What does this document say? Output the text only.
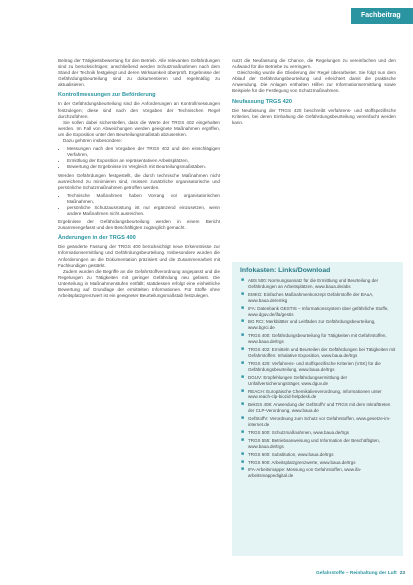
Fachbeitrag

Beitrag der Tätigkeitsbewertung für den Betrieb. Alle relevanten Gefährdungen sind zu berücksichtigen; anschließend werden Schutzmaßnahmen nach dem Stand der Technik festgelegt und deren Wirksamkeit überprüft. Ergebnisse der Gefährdungsbeurteilung sind zu dokumentieren und regelmäßig zu aktualisieren.

Kontrollmessungen zur Beförderung

In der Gefährdungsbeurteilung sind die Anforderungen an Kontrollmessungen festzulegen; diese sind nach den Vorgaben der Technischen Regel durchzuführen.

Sie sollen dabei sicherstellen, dass die Werte der TRGS 402 eingehalten werden. Im Fall von Abweichungen werden geeignete Maßnahmen ergriffen, um die Exposition unter den Beurteilungsmaßstab abzusenken.

Dazu gehören insbesondere:

• Messungen nach den Vorgaben der TRGS 402 und den einschlägigen Verfahren,
• Ermittlung der Exposition an repräsentativen Arbeitsplätzen,
• Bewertung der Ergebnisse im Vergleich mit Beurteilungsmaßstäben.

Werden Gefährdungen festgestellt, die durch technische Maßnahmen nicht ausreichend zu minimieren sind, müssen zusätzliche organisatorische und persönliche Schutzmaßnahmen getroffen werden.

• Technische Maßnahmen haben Vorrang vor organisatorischen Maßnahmen,
• persönliche Schutzausrüstung ist nur ergänzend einzusetzen, wenn andere Maßnahmen nicht ausreichen.

Ergebnisse der Gefährdungsbeurteilung werden in einem Bericht zusammengefasst und den Beschäftigten zugänglich gemacht.

Änderungen in der TRGS 400

Die geänderte Fassung der TRGS 400 berücksichtigt neue Erkenntnisse zur Informationsermittlung und Gefährdungsbeurteilung. Insbesondere wurden die Anforderungen an die Dokumentation präzisiert und die Zusammenarbeit mit Fachkundigen gestärkt.

Zudem wurden die Begriffe an die Gefahrstoffverordnung angepasst und die Regelungen zu Tätigkeiten mit geringer Gefährdung neu gefasst. Die Unterteilung in Maßnahmenstufen entfällt; stattdessen erfolgt eine einheitliche Bewertung auf Grundlage der ermittelten Informationen. Für Stoffe ohne Arbeitsplatzgrenzwert ist ein geeigneter Beurteilungsmaßstab festzulegen.

nutzt die Neufassung die Chance, die Regelungen zu vereinfachen und den Aufwand für die Betriebe zu verringern.

Gleichzeitig wurde die Gliederung der Regel überarbeitet. Sie folgt nun dem Ablauf der Gefährdungsbeurteilung und erleichtert damit die praktische Anwendung. Die Anlagen enthalten Hilfen zur Informationsermittlung sowie Beispiele für die Festlegung von Schutzmaßnahmen.

Neufassung TRGS 420

Die Neufassung der TRGS 420 beschreibt verfahrens- und stoffspezifische Kriterien, bei deren Einhaltung die Gefährdungsbeurteilung vereinfacht werden kann.

Infokasten: Links/Download
■ ABS 500: Normungsansatz für die Ermittlung und Beurteilung der Gefährdungen an Arbeitsplätzen, www.baua.de/abs
■ EMKG: Einfaches Maßnahmenkonzept Gefahrstoffe der BAuA, www.baua.de/emkg
■ IFA: Datenbank GESTIS – Informationssystem über gefährliche Stoffe, www.dguv.de/ifa/gestis
■ BG RCI: Merkblätter und Leitfäden zur Gefährdungsbeurteilung, www.bgrci.de
■ TRGS 400: Gefährdungsbeurteilung für Tätigkeiten mit Gefahrstoffen, www.baua.de/trgs
■ TRGS 402: Ermitteln und Beurteilen der Gefährdungen bei Tätigkeiten mit Gefahrstoffen: Inhalative Exposition, www.baua.de/trgs
■ TRGS 420: Verfahrens- und stoffspezifische Kriterien (VSK) für die Gefährdungsbeurteilung, www.baua.de/trgs
■ DGUV: Empfehlungen Gefährdungsermittlung der Unfallversicherungsträger, www.dguv.de
■ REACH: Europäische Chemikalienverordnung, Informationen unter www.reach-clp-biozid-helpdesk.de
■ BekGS 408: Anwendung der GefStoffV und TRGS mit dem Inkrafttreten der CLP-Verordnung, www.baua.de
■ GefStoffV: Verordnung zum Schutz vor Gefahrstoffen, www.gesetze-im-internet.de
■ TRGS 500: Schutzmaßnahmen, www.baua.de/trgs
■ TRGS 555: Betriebsanweisung und Information der Beschäftigten, www.baua.de/trgs
■ TRGS 600: Substitution, www.baua.de/trgs
■ TRGS 900: Arbeitsplatzgrenzwerte, www.baua.de/trgs
■ IFA-Arbeitsmappe: Messung von Gefahrstoffen, www.ifa-arbeitsmappedigital.de
Gefahrstoffe – Reinhaltung der Luft 23
